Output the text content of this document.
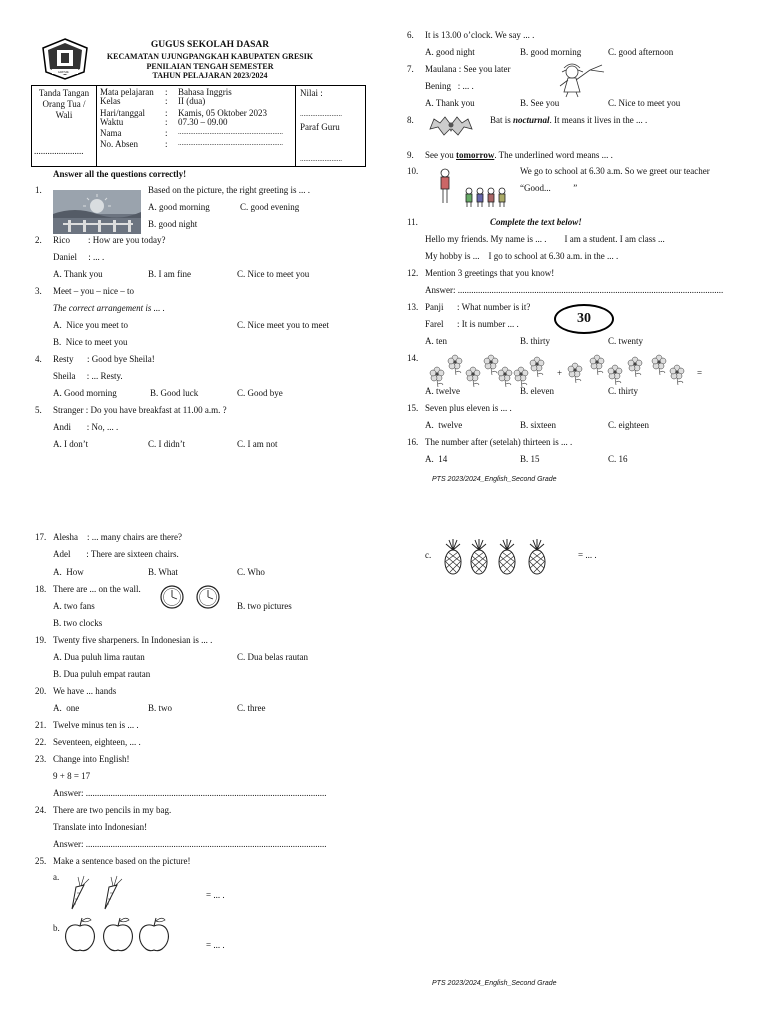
GRESIK
GUGUS SEKOLAH DASAR
KECAMATAN UJUNGPANGKAH KABUPATEN GRESIK
PENILAIAN TENGAH SEMESTER
TAHUN PELAJARAN 2023/2024
Tanda Tangan
Orang Tua /
Wali
......................
Mata pelajaran : Bahasa Inggris
Kelas	: II (dua)
Hari/tanggal : Kamis, 05 Oktober 2023
Waktu	: 07.30 – 09.00
Nama	: ............................................................
No. Absen	: ............................................................
Nilai :
........................
Paraf Guru
........................
Answer all the questions correctly!
1.	Based on the picture, the right greeting is ... .
A. good morning	C. good evening
B. good night
2. Rico        : How are you today?
Daniel     : ... .
A. Thank you	B. I am fine	C. Nice to meet you
3. Meet – you – nice – to
The correct arrangement is ... .
A.  Nice you meet to	C. Nice meet you to meet
B.  Nice to meet you
4. Resty      : Good bye Sheila!
Sheila     : ... Resty.
A. Good morning	B. Good luck	C. Good bye
5. Stranger : Do you have breakfast at 11.00 a.m. ?
Andi       : No, ... .
A. I don’t	C. I didn’t	C. I am not
6. It is 13.00 o’clock. We say ... .
A. good night	B. good morning	C. good afternoon
7. Maulana : See you later
Bening   : ... .
A. Thank you	B. See you	C. Nice to meet you
8.	Bat is nocturnal. It means it lives in the ... .
9. See you tomorrow. The underlined word means ... .
10.	We go to school at 6.30 a.m. So we greet our teacher
“Good...          ”
11.	Complete the text below!
Hello my friends. My name is ... .        I am a student. I am class ...
My hobby is ...    I go to school at 6.30 a.m. in the ... .
12. Mention 3 greetings that you know!
Answer: ......................................................................................................................
13. Panji      : What number is it?
Farel      : It is number ... .	30
A. ten	B. thirty	C. twenty
14.
+	=
A. twelve	B. eleven	C. thirty
15. Seven plus eleven is ... .
A.  twelve	B. sixteen	C. eighteen
16. The number after (setelah) thirteen is ... .
A.  14	B. 15	C. 16
PTS 2023/2024_English_Second Grade
17. Alesha    : ... many chairs are there?
Adel       : There are sixteen chairs.
A.  How	B. What	C. Who
18. There are ... on the wall.
A. two fans	B. two pictures
B. two clocks
19. Twenty five sharpeners. In Indonesian is ... .
A. Dua puluh lima rautan	C. Dua belas rautan
B. Dua puluh empat rautan
20. We have ... hands
A.  one	B. two	C. three
21. Twelve minus ten is ... .
22. Seventeen, eighteen, ... .
23. Change into English!
9 + 8 = 17
Answer: ...........................................................................................................
24. There are two pencils in my bag.
Translate into Indonesian!
Answer: ...........................................................................................................
25. Make a sentence based on the picture!
a.
= ... .
b.
= ... .
c.	= ... .
PTS 2023/2024_English_Second Grade
